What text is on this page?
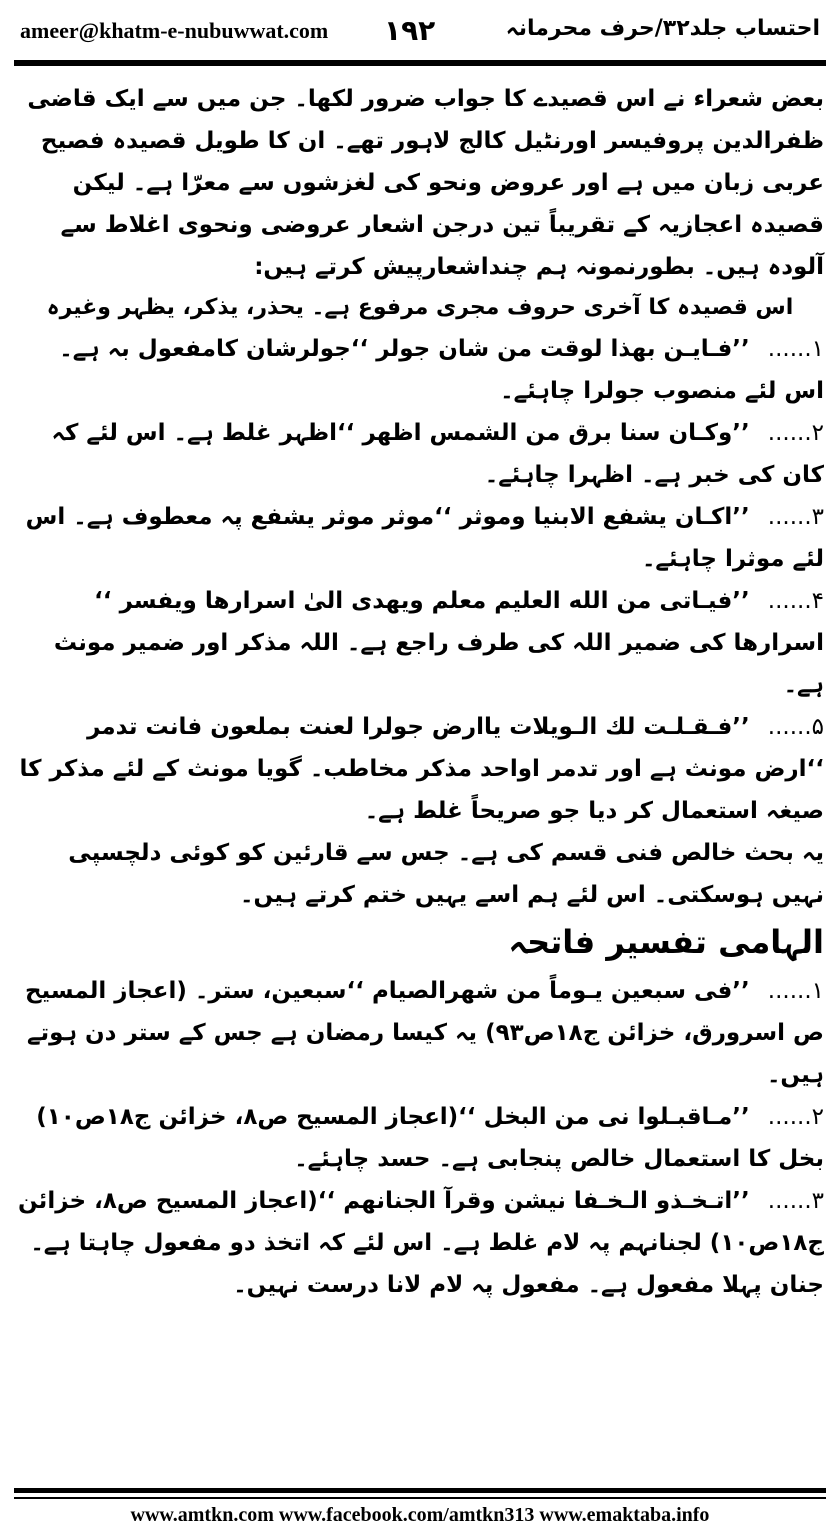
ameer@khatm-e-nubuwwat.com ۱۹۲	احتساب جلد۳۲/حرف محرمانہ

بعض شعراء نے اس قصیدے کا جواب ضرور لکھا۔ جن میں سے ایک قاضی ظفرالدین پروفیسر اورنٹیل کالج لاہور تھے۔ ان کا طویل قصیدہ فصیح عربی زبان میں ہے اور عروض ونحو کی لغزشوں سے معرّا ہے۔ لیکن قصیدہ اعجازیہ کے تقریباً تین درجن اشعار عروضی ونحوی اغلاط سے آلودہ ہیں۔ بطورنمونہ ہم چنداشعارپیش کرتے ہیں:

اس قصیدہ کا آخری حروف مجری مرفوع ہے۔ یحذر، یذکر، یظہر وغیرہ

۱......’’فـایـن بهذا لوقت من شان جولر ‘‘جولرشان کامفعول بہ ہے۔ اس لئے منصوب جولرا چاہئے۔

۲......’’وکـان سنا برق من الشمس اظهر ‘‘اظہر غلط ہے۔ اس لئے کہ کان کی خبر ہے۔ اظہرا چاہئے۔

۳......’’اکـان یشفع الابنیا وموثر ‘‘موثر موثر یشفع پہ معطوف ہے۔ اس لئے موثرا چاہئے۔

۴......’’فیـاتی من الله العلیم معلم ویهدی الیٰ اسرارها ویفسر ‘‘ اسرارھا کی ضمیر اللہ کی طرف راجع ہے۔ اللہ مذکر اور ضمیر مونث ہے۔

۵......’’فـقـلـت لك الـویلات یاارض جولرا لعنت بملعون فانت تدمر ‘‘ارض مونث ہے اور تدمر اواحد مذکر مخاطب۔ گویا مونث کے لئے مذکر کا صیغہ استعمال کر دیا جو صریحاً غلط ہے۔

یہ بحث خالص فنی قسم کی ہے۔ جس سے قارئین کو کوئی دلچسپی نہیں ہوسکتی۔ اس لئے ہم اسے یہیں ختم کرتے ہیں۔

الہامی تفسیر فاتحہ

۱......’’فی سبعین یـوماً من شهرالصیام ‘‘سبعین، ستر۔ (اعجاز المسیح ص اسرورق، خزائن ج۱۸ص۹۳) یہ کیسا رمضان ہے جس کے ستر دن ہوتے ہیں۔

۲......’’مـاقبـلوا نی من البخل ‘‘(اعجاز المسیح ص۸، خزائن ج۱۸ص۱۰) بخل کا استعمال خالص پنجابی ہے۔ حسد چاہئے۔

۳......’’اتـخـذو الـخـفا نیشن وقرآ الجنانهم ‘‘(اعجاز المسیح ص۸، خزائن ج۱۸ص۱۰) لجنانہم پہ لام غلط ہے۔ اس لئے کہ اتخذ دو مفعول چاہتا ہے۔ جنان پہلا مفعول ہے۔ مفعول پہ لام لانا درست نہیں۔

www.amtkn.com www.facebook.com/amtkn313 www.emaktaba.info
